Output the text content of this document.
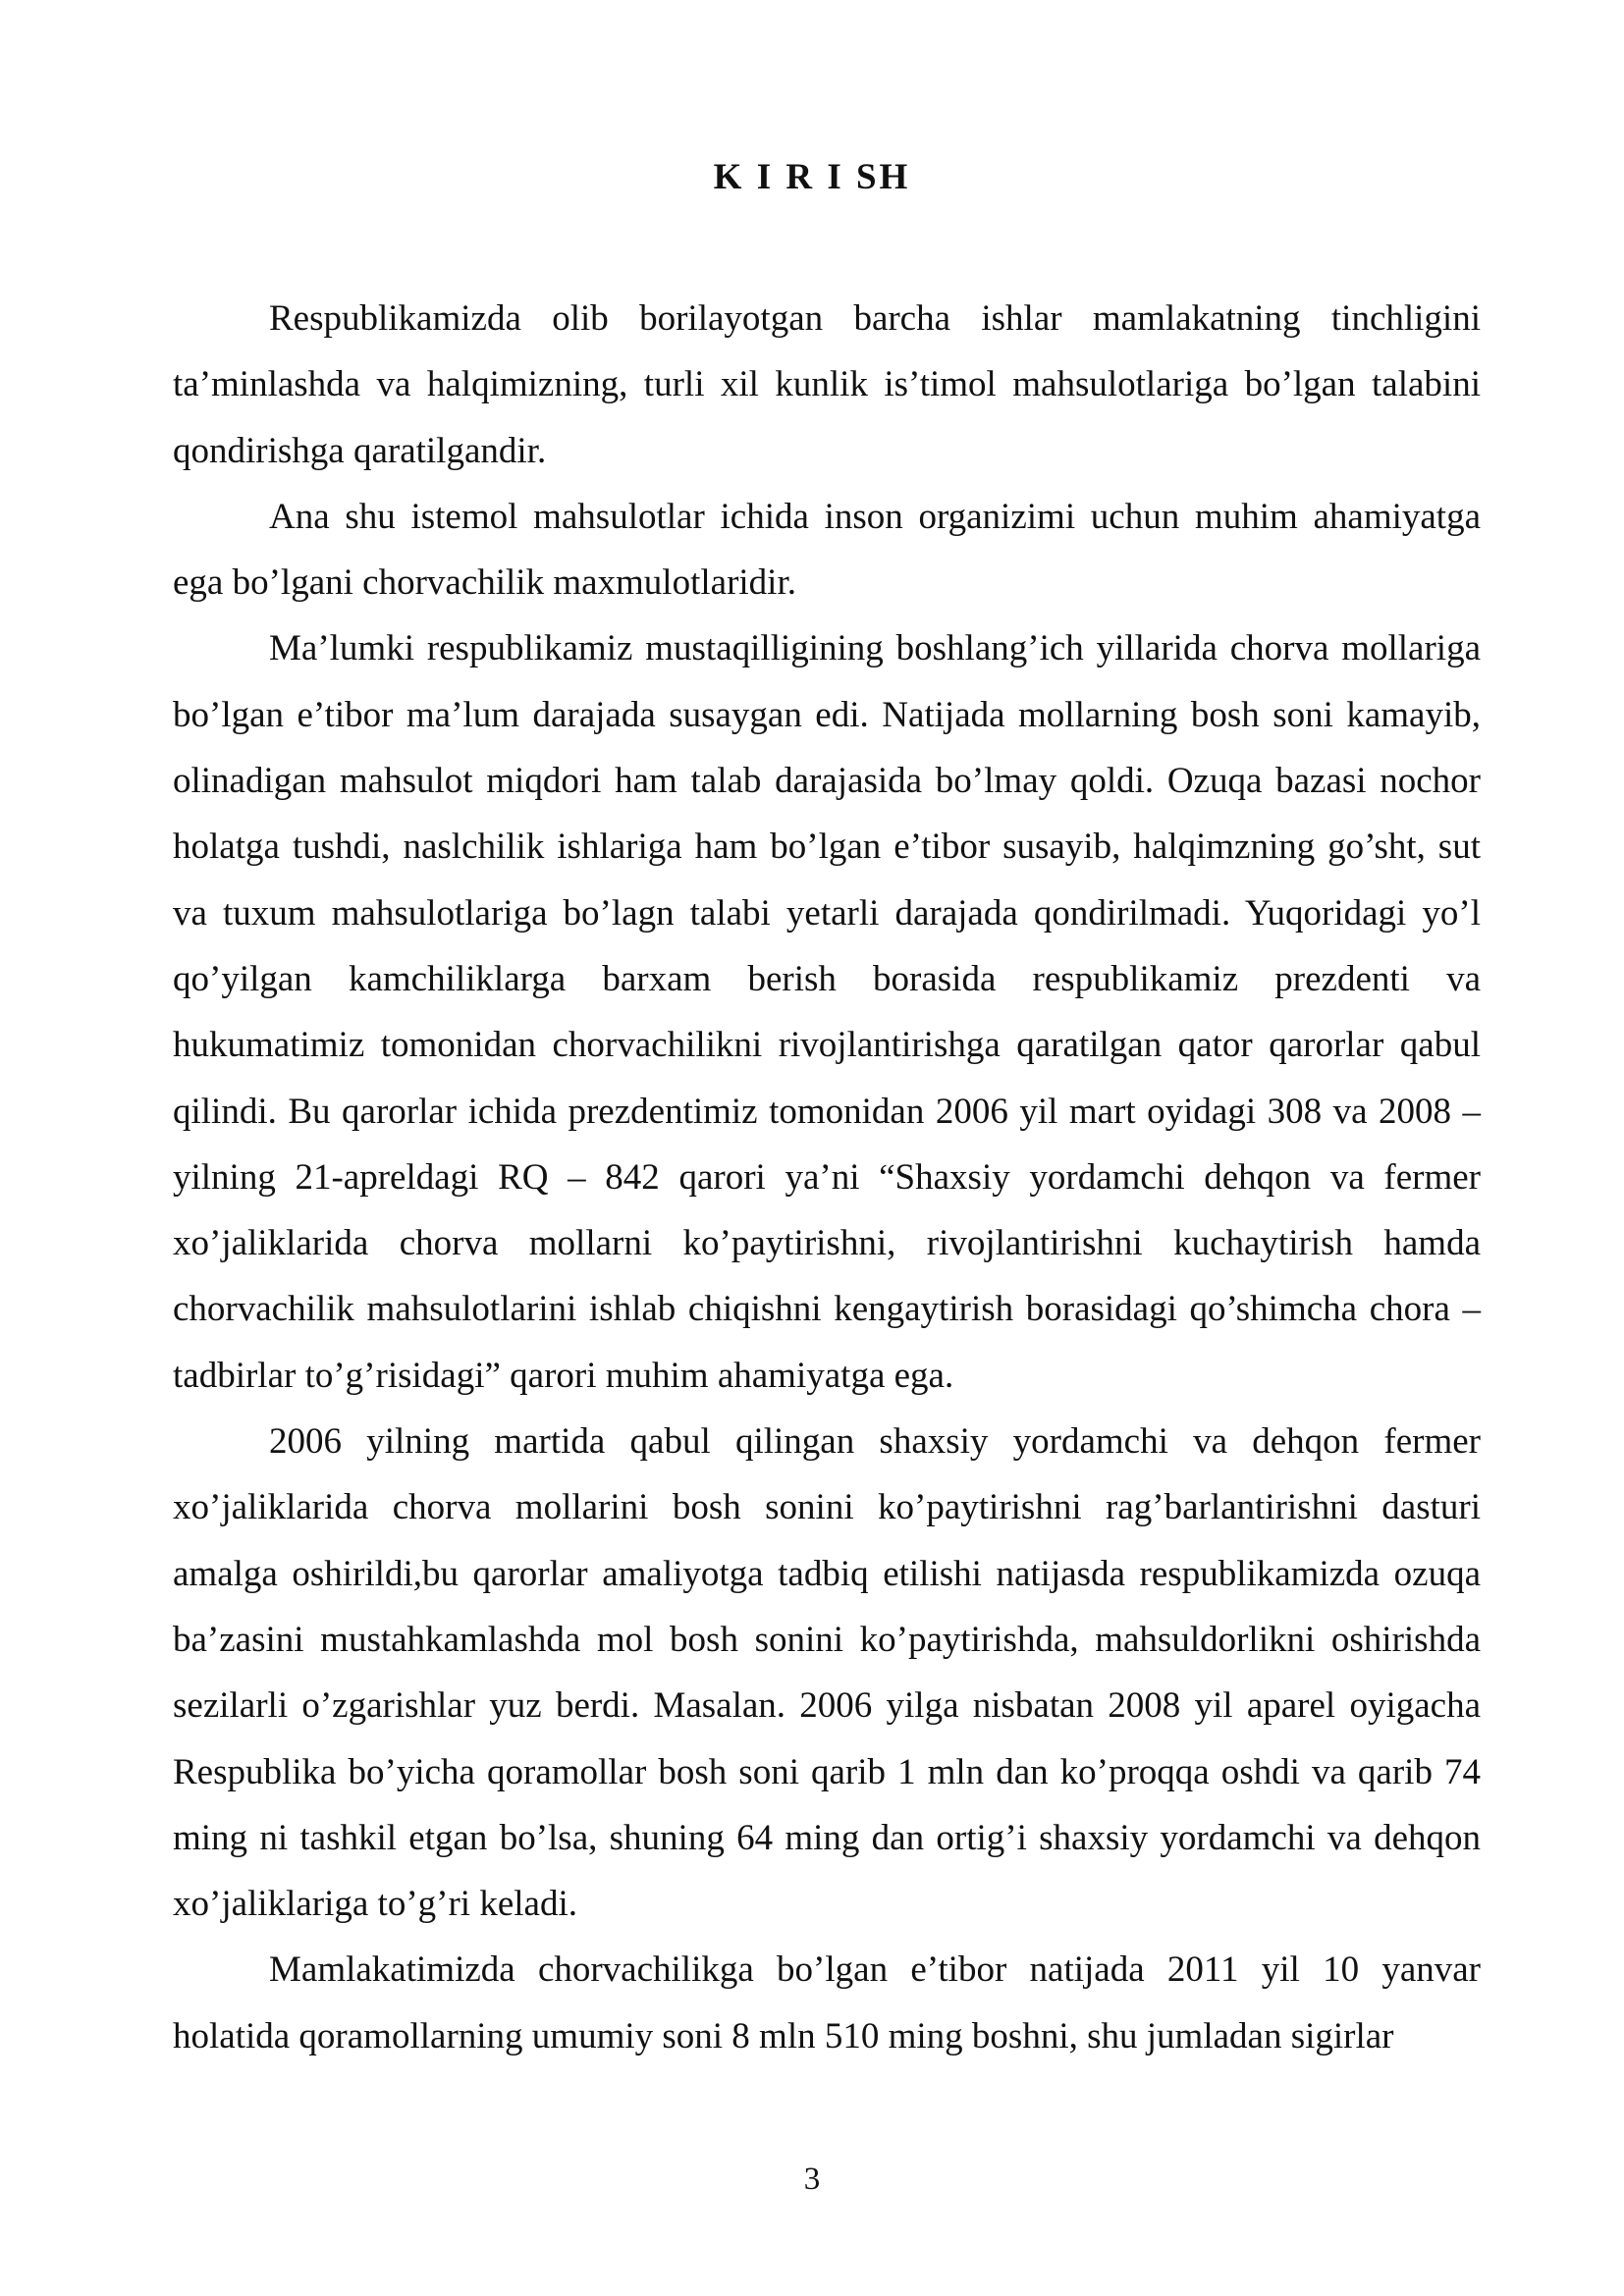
K I R I SH

Respublikamizda olib borilayotgan barcha ishlar mamlakatning tinchligini ta’minlashda va halqimizning, turli xil kunlik is’timol mahsulotlariga bo’lgan talabini qondirishga qaratilgandir.

Ana shu istemol mahsulotlar ichida inson organizimi uchun muhim ahamiyatga ega bo’lgani chorvachilik maxmulotlaridir.

Ma’lumki respublikamiz mustaqilligining boshlang’ich yillarida chorva mollariga bo’lgan e’tibor ma’lum darajada susaygan edi. Natijada mollarning bosh soni kamayib, olinadigan mahsulot miqdori ham talab darajasida bo’lmay qoldi. Ozuqa bazasi nochor holatga tushdi, naslchilik ishlariga ham bo’lgan e’tibor susayib, halqimzning go’sht, sut va tuxum mahsulotlariga bo’lagn talabi yetarli darajada qondirilmadi. Yuqoridagi yo’l qo’yilgan kamchiliklarga barxam berish borasida respublikamiz prezdenti va hukumatimiz tomonidan chorvachilikni rivojlantirishga qaratilgan qator qarorlar qabul qilindi. Bu qarorlar ichida prezdentimiz tomonidan 2006 yil mart oyidagi 308 va 2008 – yilning 21-apreldagi RQ – 842 qarori ya’ni “Shaxsiy yordamchi dehqon va fermer xo’jaliklarida chorva mollarni ko’paytirishni, rivojlantirishni kuchaytirish hamda chorvachilik mahsulotlarini ishlab chiqishni kengaytirish borasidagi qo’shimcha chora –tadbirlar to’g’risidagi” qarori muhim ahamiyatga ega.

2006 yilning martida qabul qilingan shaxsiy yordamchi va dehqon fermer xo’jaliklarida chorva mollarini bosh sonini ko’paytirishni rag’barlantirishni dasturi amalga oshirildi,bu qarorlar amaliyotga tadbiq etilishi natijasda respublikamizda ozuqa ba’zasini mustahkamlashda mol bosh sonini ko’paytirishda, mahsuldorlikni oshirishda sezilarli o’zgarishlar yuz berdi. Masalan. 2006 yilga nisbatan 2008 yil aparel oyigacha Respublika bo’yicha qoramollar bosh soni qarib 1 mln dan ko’proqqa oshdi va qarib 74 ming ni tashkil etgan bo’lsa, shuning 64 ming dan ortig’i shaxsiy yordamchi va dehqon xo’jaliklariga to’g’ri keladi.

Mamlakatimizda chorvachilikga bo’lgan e’tibor natijada 2011 yil 10 yanvar holatida qoramollarning umumiy soni 8 mln 510 ming boshni, shu jumladan sigirlar

3
